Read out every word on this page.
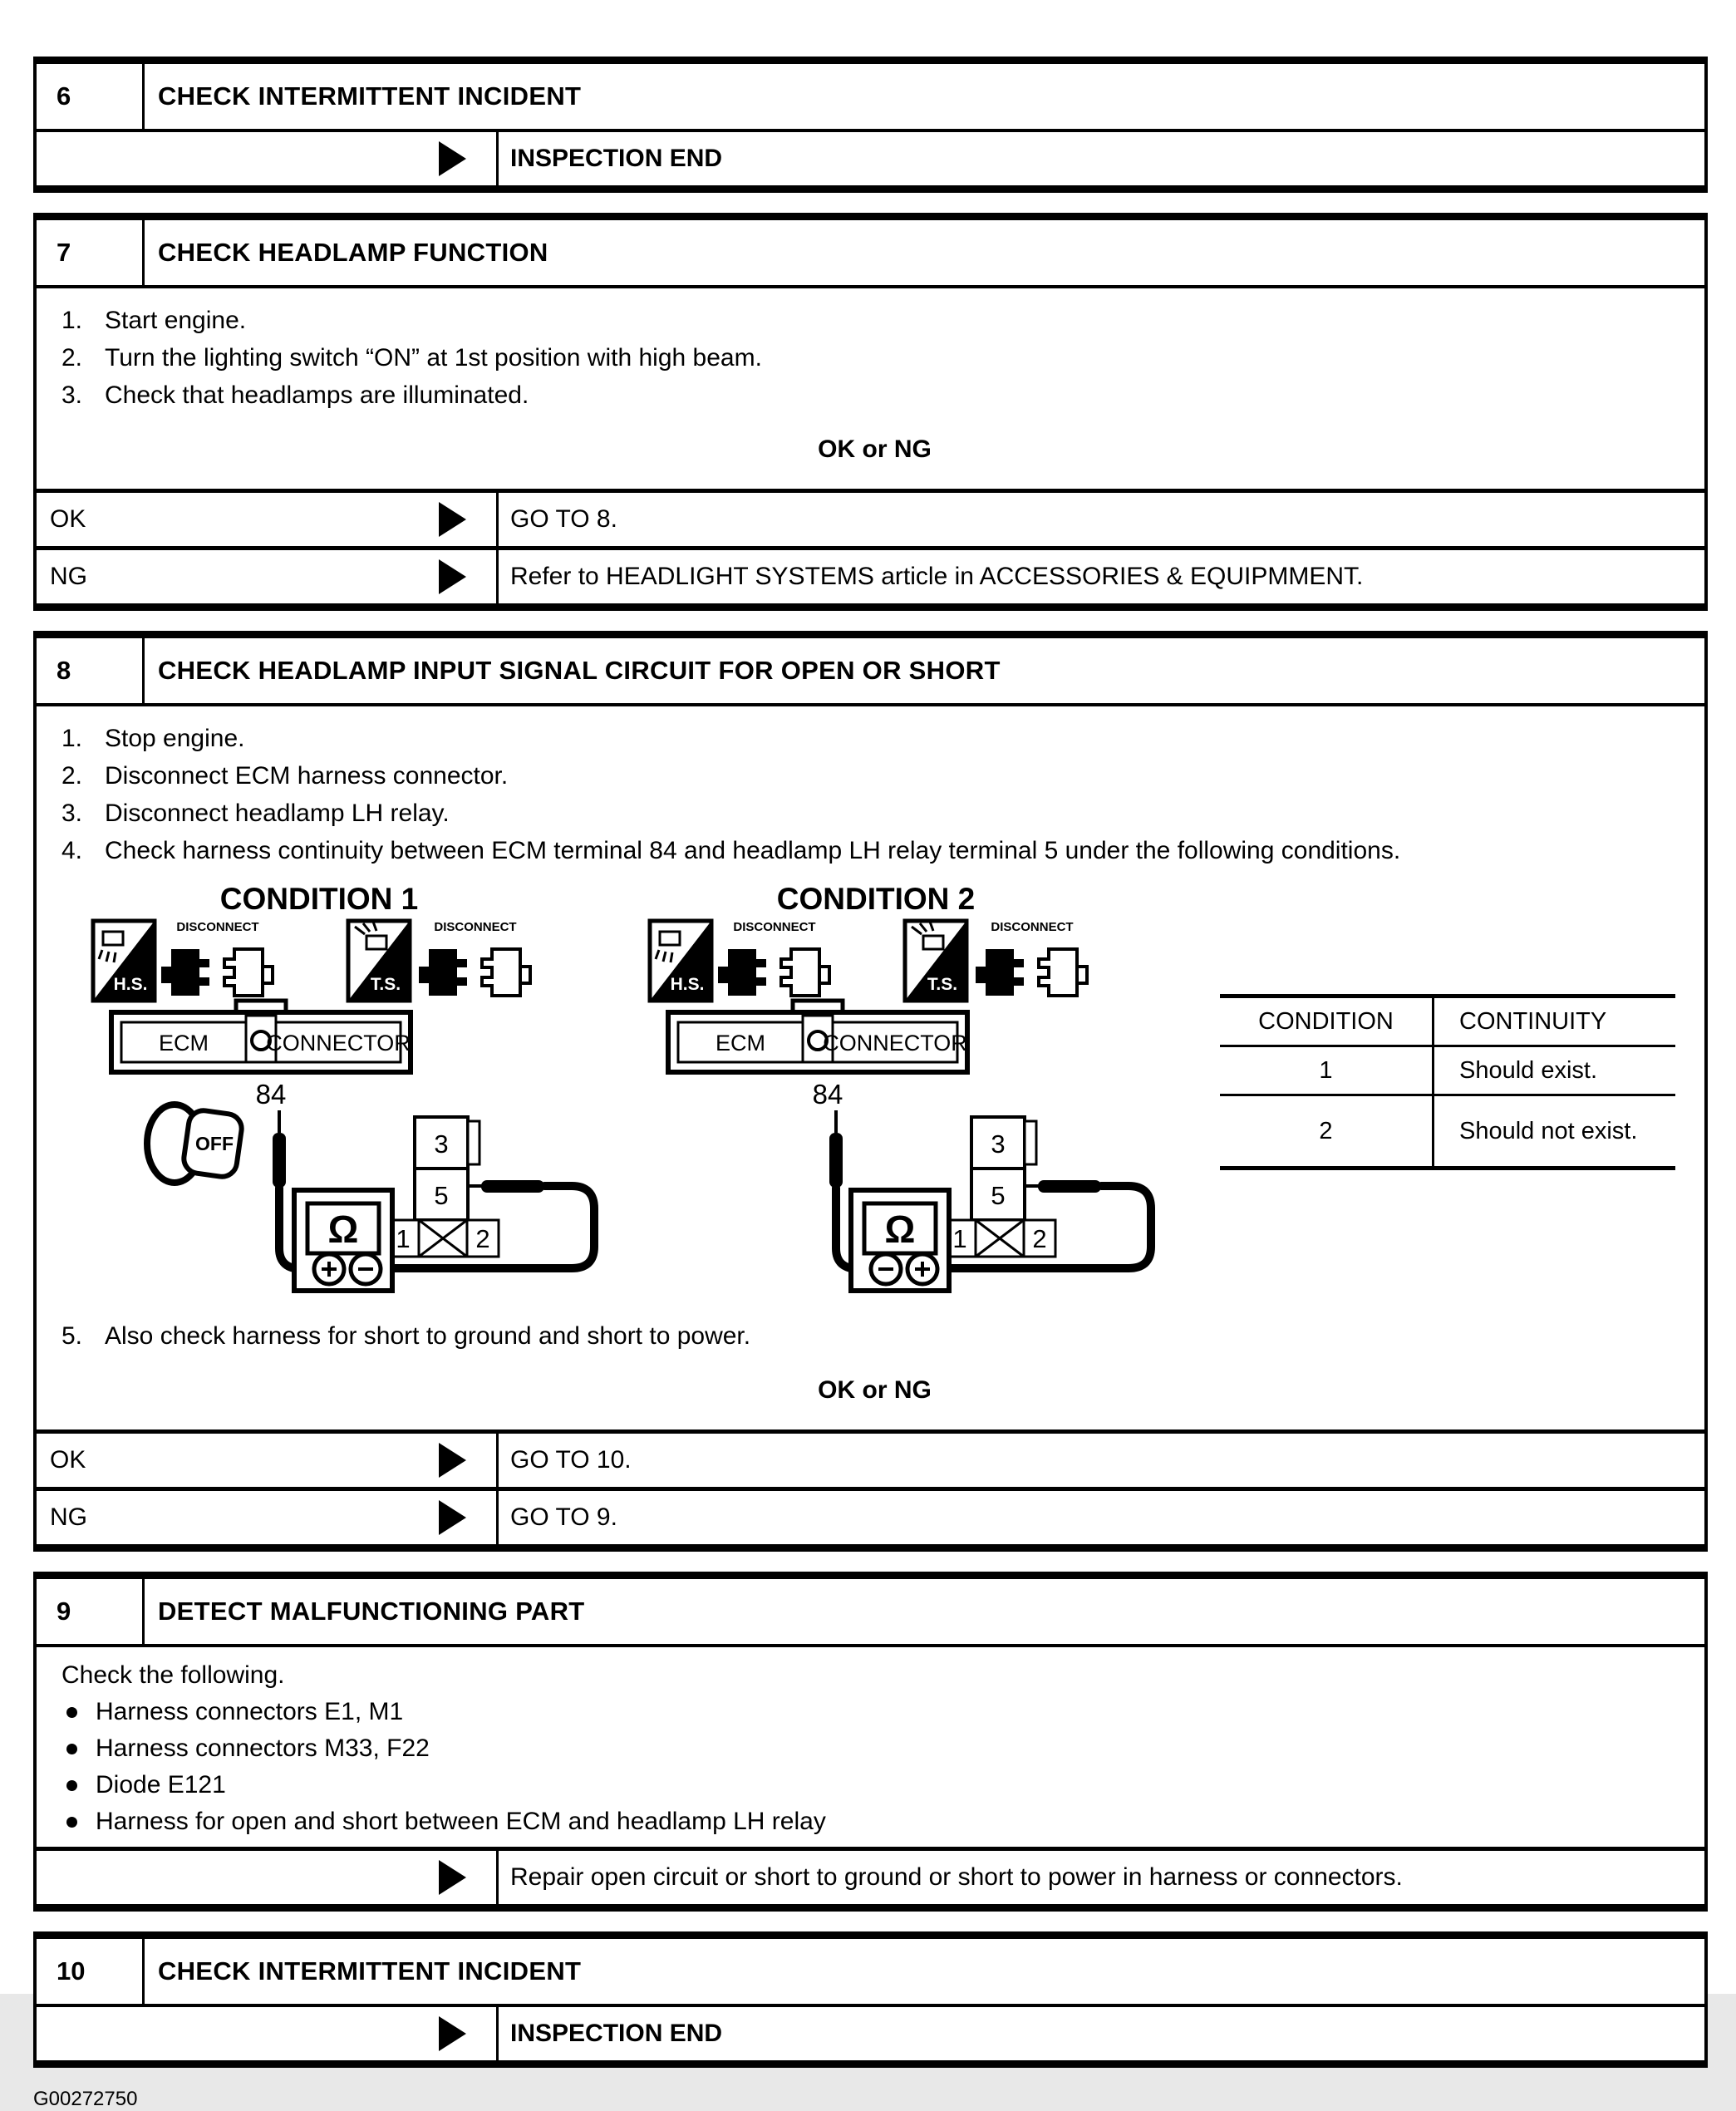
6	CHECK INTERMITTENT INCIDENT
INSPECTION END
7	CHECK HEADLAMP FUNCTION
1. Start engine.
2. Turn the lighting switch “ON” at 1st position with high beam.
3. Check that headlamps are illuminated.
OK or NG
OK	GO TO 8.
NG	Refer to HEADLIGHT SYSTEMS article in ACCESSORIES & EQUIPMMENT.
8	CHECK HEADLAMP INPUT SIGNAL CIRCUIT FOR OPEN OR SHORT
1. Stop engine.
2. Disconnect ECM harness connector.
3. Disconnect headlamp LH relay.
4. Check harness continuity between ECM terminal 84 and headlamp LH relay terminal 5 under the following conditions.
CONDITION 1
H.S.
DISCONNECT
T.S.
DISCONNECT
ECM	CONNECTOR
84
OFF	3
5
1	2
Ω
CONDITION 2
H.S.
DISCONNECT
T.S.
DISCONNECT
ECM	CONNECTOR
84
3
5
1	2
Ω
CONDITION	CONTINUITY
1	Should exist.
2	Should not exist.
5. Also check harness for short to ground and short to power.
OK or NG
OK	GO TO 10.
NG	GO TO 9.
9	DETECT MALFUNCTIONING PART
Check the following.
Harness connectors E1, M1
Harness connectors M33, F22
Diode E121
Harness for open and short between ECM and headlamp LH relay
Repair open circuit or short to ground or short to power in harness or connectors.
10	CHECK INTERMITTENT INCIDENT
INSPECTION END
G00272750
